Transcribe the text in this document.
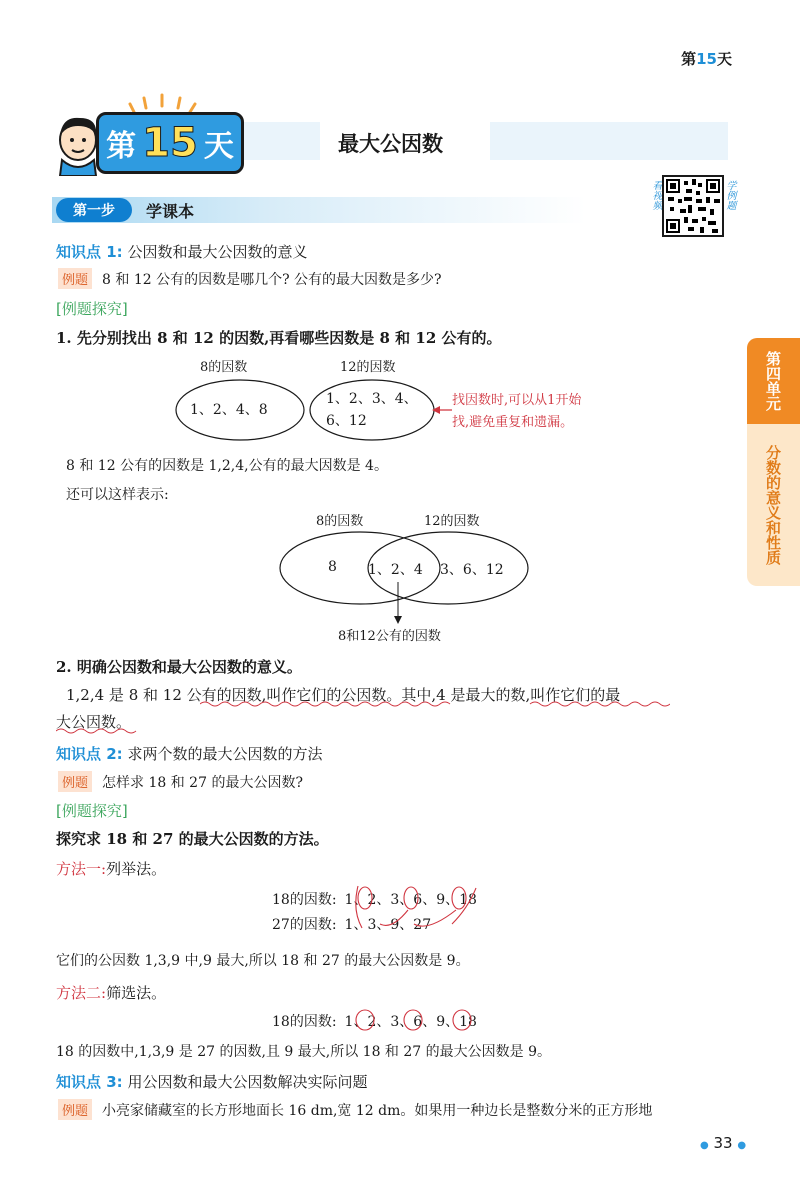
第15天
第 15 天	最大公因数
第一步	学课本
看视频	学例题
第四单元
分数的意义和性质
知识点 1: 公因数和最大公因数的意义
例题 8 和 12 公有的因数是哪几个? 公有的最大因数是多少?
[例题探究]
1. 先分别找出 8 和 12 的因数,再看哪些因数是 8 和 12 公有的。
8的因数	12的因数
1、2、4、8
1、2、3、4、
6、12
找因数时,可以从1开始
找,避免重复和遗漏。
8 和 12 公有的因数是 1,2,4,公有的最大因数是 4。
还可以这样表示:
8的因数	12的因数
8 1、2、4 3、6、12
8和12公有的因数
2. 明确公因数和最大公因数的意义。
1,2,4 是 8 和 12 公有的因数,叫作它们的公因数。其中,4 是最大的数,叫作它们的最
大公因数。
知识点 2: 求两个数的最大公因数的方法
例题 怎样求 18 和 27 的最大公因数?
[例题探究]
探究求 18 和 27 的最大公因数的方法。
方法一:列举法。
18的因数: 1、2、3、6、9、18
27的因数: 1、3、9、27
它们的公因数 1,3,9 中,9 最大,所以 18 和 27 的最大公因数是 9。
方法二:筛选法。
18的因数: 1、2、3、6、9、18
18 的因数中,1,3,9 是 27 的因数,且 9 最大,所以 18 和 27 的最大公因数是 9。
知识点 3: 用公因数和最大公因数解决实际问题
例题 小亮家储藏室的长方形地面长 16 dm,宽 12 dm。如果用一种边长是整数分米的正方形地
● 33 ●
